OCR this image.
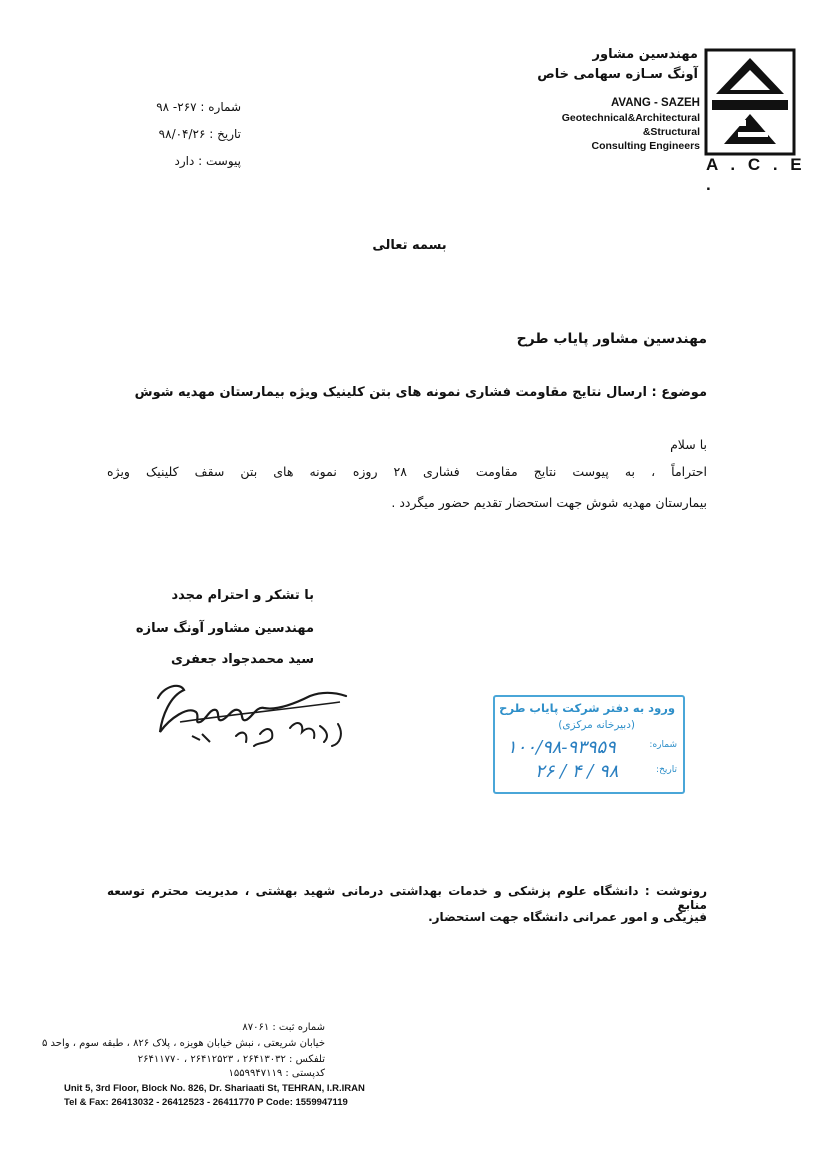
A . C . E .
مهندسین مشاور
آونگ سـازه سهامی خاص
AVANG - SAZEH
Geotechnical&Architectural
&Structural
Consulting Engineers
شماره : ۲۶۷- ۹۸
تاریخ : ۹۸/۰۴/۲۶
پیوست : دارد
بسمه تعالی
مهندسین مشاور پایاب طرح
موضوع : ارسال نتایج مقاومت فشاری نمونه های بتن کلینیک ویژه بیمارستان مهدیه شوش
با سلام
احتراماً ، به پیوست نتایج مقاومت فشاری ۲۸ روزه نمونه های بتن سقف کلینیک ویژه
بیمارستان مهدیه شوش جهت استحضار تقدیم حضور میگردد .
با تشکر و احترام مجدد
مهندسین مشاور آونگ سازه
سید محمدجواد جعفری
ورود به دفتر شرکت پایاب طرح
(دبیرخانه مرکزی)
شماره:
۱۰۰/۹۸-۹۳۹۵۹
تاریخ:
۹۸ / ۴ / ۲۶
رونوشت : دانشگاه علوم پزشکی و خدمات بهداشتی درمانی شهید بهشتی ، مدیریت محترم توسعه منابع
فیزیکی و امور عمرانی دانشگاه جهت استحضار.
شماره ثبت : ۸۷۰۶۱
خیابان شریعتی ، نبش خیابان هویزه ، پلاک ۸۲۶ ، طبقه سوم ، واحد ۵
تلفکس : ۲۶۴۱۳۰۳۲ ، ۲۶۴۱۲۵۲۳ ، ۲۶۴۱۱۷۷۰
کدپستی : ۱۵۵۹۹۴۷۱۱۹
Unit 5, 3rd Floor, Block No. 826, Dr. Shariaati St, TEHRAN, I.R.IRAN
Tel & Fax: 26413032 - 26412523 - 26411770 P Code: 1559947119
